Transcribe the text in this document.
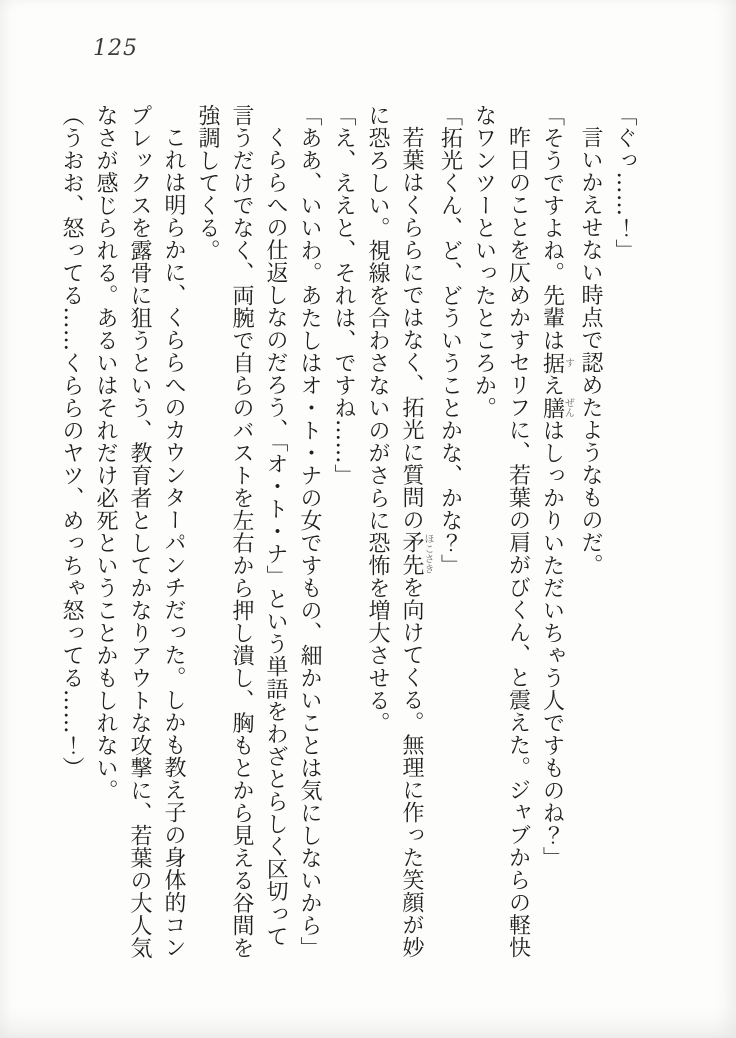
125
「ぐっ……！」
言いかえせない時点で認めたようなものだ。
「そうですよね。先輩は据すえ膳ぜんはしっかりいただいちゃう人ですものね？」
昨日のことを仄めかすセリフに、若葉の肩がびくん、と震えた。ジャブからの軽快
なワンツーといったところか。
「拓光くん、ど、どういうことかな、かな？」
若葉はくららにではなく、拓光に質問の矛先ほこさきを向けてくる。無理に作った笑顔が妙
に恐ろしい。視線を合わさないのがさらに恐怖を増大させる。
「え、ええと、それは、ですね……」
「ああ、いいわ。あたしはオ・ト・ナの女ですもの、細かいことは気にしないから」
くららへの仕返しなのだろう、「オ・ト・ナ」という単語をわざとらしく区切って
言うだけでなく、両腕で自らのバストを左右から押し潰し、胸もとから見える谷間を
強調してくる。
これは明らかに、くららへのカウンターパンチだった。しかも教え子の身体的コン
プレックスを露骨に狙うという、教育者としてかなりアウトな攻撃に、若葉の大人気
なさが感じられる。あるいはそれだけ必死ということかもしれない。
（うおお、怒ってる……くららのヤツ、めっちゃ怒ってる……！）
